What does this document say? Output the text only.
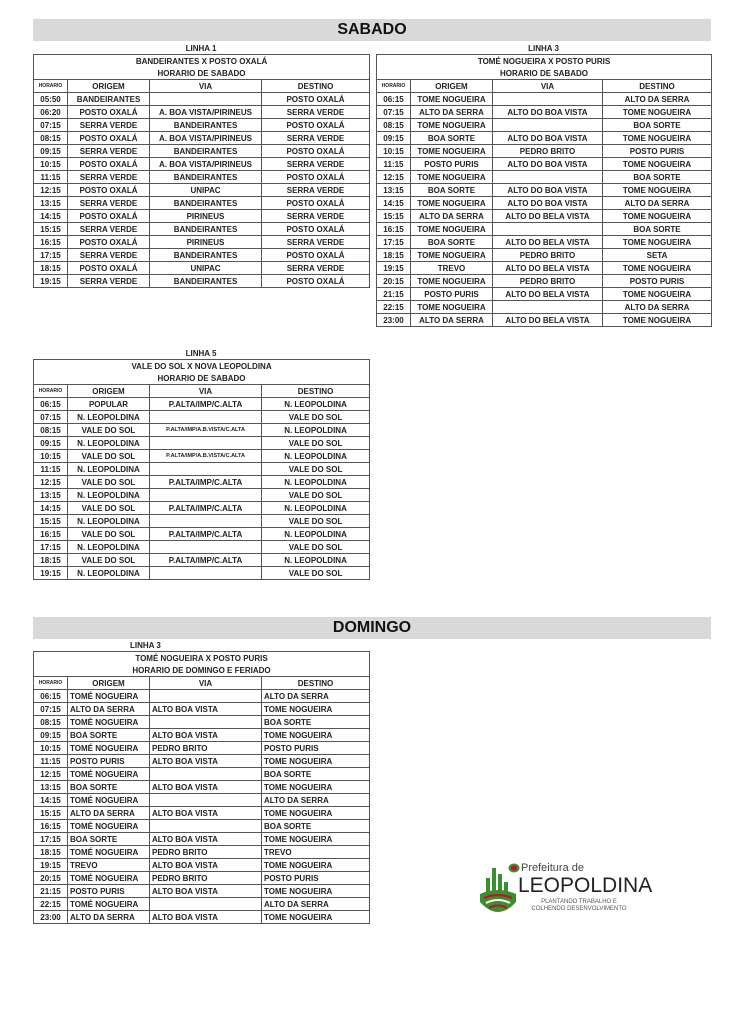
SABADO
LINHA 1
BANDEIRANTES X POSTO OXALÁ			
HORARIO DE SABADO			
HORARIO	ORIGEM	VIA	DESTINO
05:50	BANDEIRANTES		POSTO OXALÁ
06:20	POSTO OXALÁ	A. BOA VISTA/PIRINEUS	SERRA VERDE
07:15	SERRA VERDE	BANDEIRANTES	POSTO OXALÁ
08:15	POSTO OXALÁ	A. BOA VISTA/PIRINEUS	SERRA VERDE
09:15	SERRA VERDE	BANDEIRANTES	POSTO OXALÁ
10:15	POSTO OXALÁ	A. BOA VISTA/PIRINEUS	SERRA VERDE
11:15	SERRA VERDE	BANDEIRANTES	POSTO OXALÁ
12:15	POSTO OXALÁ	UNIPAC	SERRA VERDE
13:15	SERRA VERDE	BANDEIRANTES	POSTO OXALÁ
14:15	POSTO OXALÁ	PIRINEUS	SERRA VERDE
15:15	SERRA VERDE	BANDEIRANTES	POSTO OXALÁ
16:15	POSTO OXALÁ	PIRINEUS	SERRA VERDE
17:15	SERRA VERDE	BANDEIRANTES	POSTO OXALÁ
18:15	POSTO OXALÁ	UNIPAC	SERRA VERDE
19:15	SERRA VERDE	BANDEIRANTES	POSTO OXALÁ
LINHA 3
TOMÉ NOGUEIRA X POSTO PURIS			
HORARIO DE SABADO			
HORARIO	ORIGEM	VIA	DESTINO
06:15	TOME NOGUEIRA		ALTO DA SERRA
07:15	ALTO DA SERRA	ALTO DO BOA VISTA	TOME NOGUEIRA
08:15	TOME NOGUEIRA		BOA SORTE
09:15	BOA SORTE	ALTO DO BOA VISTA	TOME NOGUEIRA
10:15	TOME NOGUEIRA	PEDRO BRITO	POSTO PURIS
11:15	POSTO PURIS	ALTO DO BOA VISTA	TOME NOGUEIRA
12:15	TOME NOGUEIRA		BOA SORTE
13:15	BOA SORTE	ALTO DO BOA VISTA	TOME NOGUEIRA
14:15	TOME NOGUEIRA	ALTO DO BOA VISTA	ALTO DA SERRA
15:15	ALTO DA SERRA	ALTO DO BELA VISTA	TOME NOGUEIRA
16:15	TOME NOGUEIRA		BOA SORTE
17:15	BOA SORTE	ALTO DO BELA VISTA	TOME NOGUEIRA
18:15	TOME NOGUEIRA	PEDRO BRITO	SETA
19:15	TREVO	ALTO DO BELA VISTA	TOME NOGUEIRA
20:15	TOME NOGUEIRA	PEDRO BRITO	POSTO PURIS
21:15	POSTO PURIS	ALTO DO BELA VISTA	TOME NOGUEIRA
22:15	TOME NOGUEIRA		ALTO DA SERRA
23:00	ALTO DA SERRA	ALTO DO BELA VISTA	TOME NOGUEIRA
LINHA 5
VALE DO SOL X NOVA LEOPOLDINA			
HORARIO DE SABADO			
HORARIO	ORIGEM	VIA	DESTINO
06:15	POPULAR	P.ALTA/IMP/C.ALTA	N. LEOPOLDINA
07:15	N. LEOPOLDINA		VALE DO SOL
08:15	VALE DO SOL	P.ALTA/IMP/A.B.VISTA/C.ALTA	N. LEOPOLDINA
09:15	N. LEOPOLDINA		VALE DO SOL
10:15	VALE DO SOL	P.ALTA/IMP/A.B.VISTA/C.ALTA	N. LEOPOLDINA
11:15	N. LEOPOLDINA		VALE DO SOL
12:15	VALE DO SOL	P.ALTA/IMP/C.ALTA	N. LEOPOLDINA
13:15	N. LEOPOLDINA		VALE DO SOL
14:15	VALE DO SOL	P.ALTA/IMP/C.ALTA	N. LEOPOLDINA
15:15	N. LEOPOLDINA		VALE DO SOL
16:15	VALE DO SOL	P.ALTA/IMP/C.ALTA	N. LEOPOLDINA
17:15	N. LEOPOLDINA		VALE DO SOL
18:15	VALE DO SOL	P.ALTA/IMP/C.ALTA	N. LEOPOLDINA
19:15	N. LEOPOLDINA		VALE DO SOL
DOMINGO
LINHA 3
TOMÉ NOGUEIRA X POSTO PURIS			
HORARIO DE DOMINGO E FERIADO			
HORARIO	ORIGEM	VIA	DESTINO
06:15	TOMÉ NOGUEIRA		ALTO DA SERRA
07:15	ALTO DA SERRA	ALTO BOA VISTA	TOME NOGUEIRA
08:15	TOMÉ NOGUEIRA		BOA SORTE
09:15	BOA SORTE	ALTO BOA VISTA	TOME NOGUEIRA
10:15	TOMÉ NOGUEIRA	PEDRO BRITO	POSTO PURIS
11:15	POSTO PURIS	ALTO BOA VISTA	TOME NOGUEIRA
12:15	TOMÉ NOGUEIRA		BOA SORTE
13:15	BOA SORTE	ALTO BOA VISTA	TOME NOGUEIRA
14:15	TOMÉ NOGUEIRA		ALTO DA SERRA
15:15	ALTO DA SERRA	ALTO BOA VISTA	TOME NOGUEIRA
16:15	TOMÉ NOGUEIRA		BOA SORTE
17:15	BOA SORTE	ALTO BOA VISTA	TOME NOGUEIRA
18:15	TOMÉ NOGUEIRA	PEDRO BRITO	TREVO
19:15	TREVO	ALTO BOA VISTA	TOME NOGUEIRA
20:15	TOMÉ NOGUEIRA	PEDRO BRITO	POSTO PURIS
21:15	POSTO PURIS	ALTO BOA VISTA	TOME NOGUEIRA
22:15	TOMÉ NOGUEIRA		ALTO DA SERRA
23:00	ALTO DA SERRA	ALTO BOA VISTA	TOME NOGUEIRA
Prefeitura de
LEOPOLDINA
PLANTANDO TRABALHO E
COLHENDO DESENVOLVIMENTO
